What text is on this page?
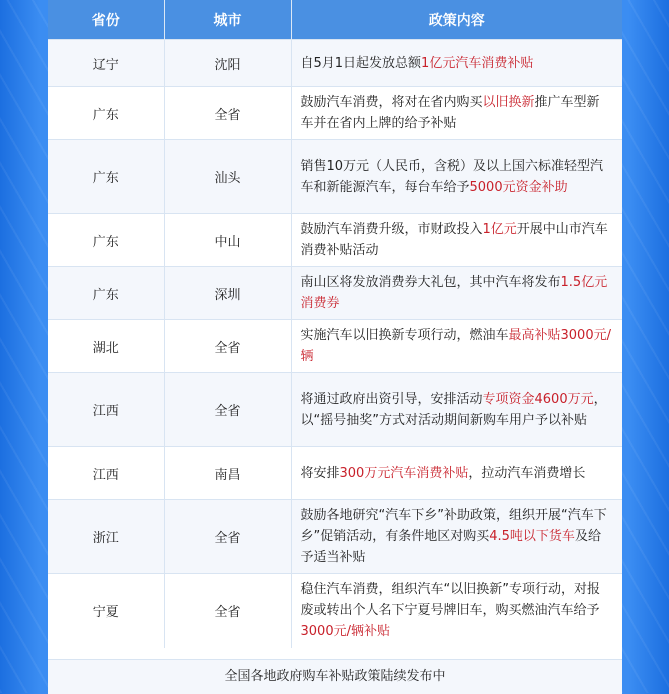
省份	城市	政策内容
辽宁	沈阳	自5月1日起发放总额1亿元汽车消费补贴
广东	全省	鼓励汽车消费，将对在省内购买以旧换新推广车型新车并在省内上牌的给予补贴
广东	汕头	销售10万元（人民币，含税）及以上国六标准轻型汽车和新能源汽车，每台车给予5000元资金补助
广东	中山	鼓励汽车消费升级，市财政投入1亿元开展中山市汽车消费补贴活动
广东	深圳	南山区将发放消费券大礼包，其中汽车将发布1.5亿元消费券
湖北	全省	实施汽车以旧换新专项行动，燃油车最高补贴3000元/辆
江西	全省	将通过政府出资引导，安排活动专项资金4600万元，以“摇号抽奖”方式对活动期间新购车用户予以补贴
江西	南昌	将安排300万元汽车消费补贴，拉动汽车消费增长
浙江	全省	鼓励各地研究“汽车下乡”补助政策，组织开展“汽车下乡”促销活动，有条件地区对购买4.5吨以下货车及给予适当补贴
宁夏	全省	稳住汽车消费，组织汽车“以旧换新”专项行动，对报废或转出个人名下宁夏号牌旧车，购买燃油汽车给予3000元/辆补贴
全国各地政府购车补贴政策陆续发布中
